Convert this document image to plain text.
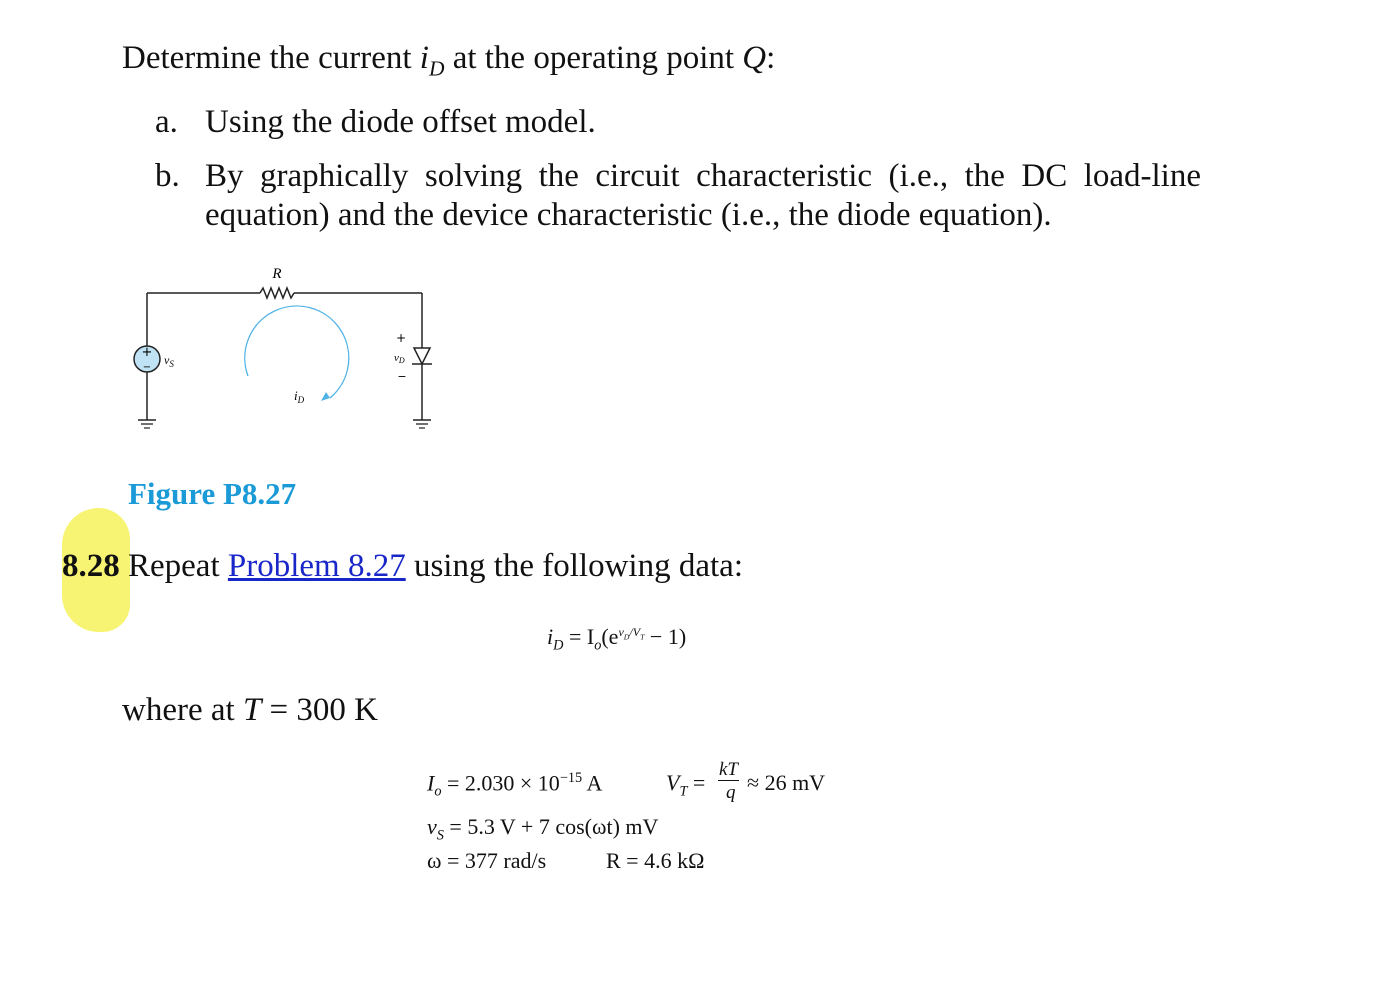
Determine the current $i_D$ at the operating point Q:
a. Using the diode offset model.
b. By graphically solving the circuit characteristic (i.e., the DC load-line
equation) and the device characteristic (i.e., the diode equation).
R
+
−
$v_S$
$i_D$
+
vD
−
Figure P8.27
8.28 Repeat Problem 8.27 using the following data:
$i_D = I_o(e^{v_D/V_T} - 1)$
where at T = 300 K
$I_o = 2.030 \times 10^{-15}$ A	$V_T$ =
kT
q ≈ 26 mV
$v_S = 5.3$ V + 7 cos(ωt) mV
ω = 377 rad/s	R = 4.6 kΩ
